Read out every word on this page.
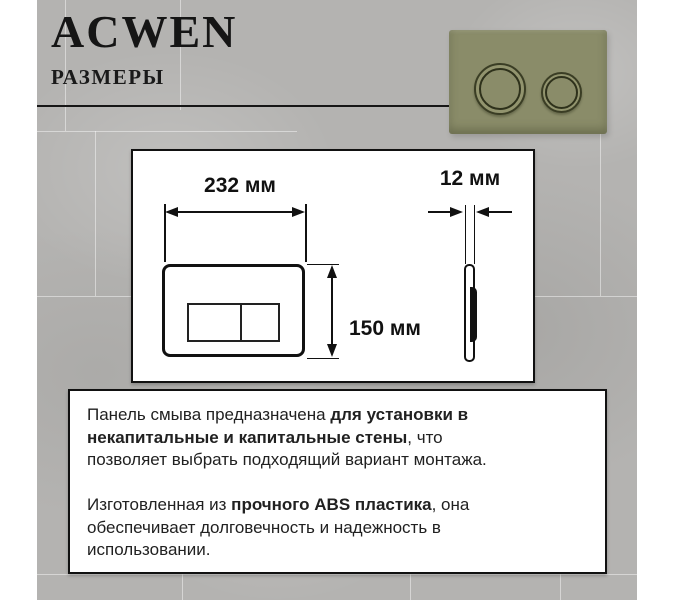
ACWEN
РАЗМЕРЫ
232 мм
150 мм
12 мм
Панель смыва предназначена для установки в
некапитальные и капитальные стены, что
позволяет выбрать подходящий вариант монтажа.
Изготовленная из прочного ABS пластика, она
обеспечивает долговечность и надежность в
использовании.
